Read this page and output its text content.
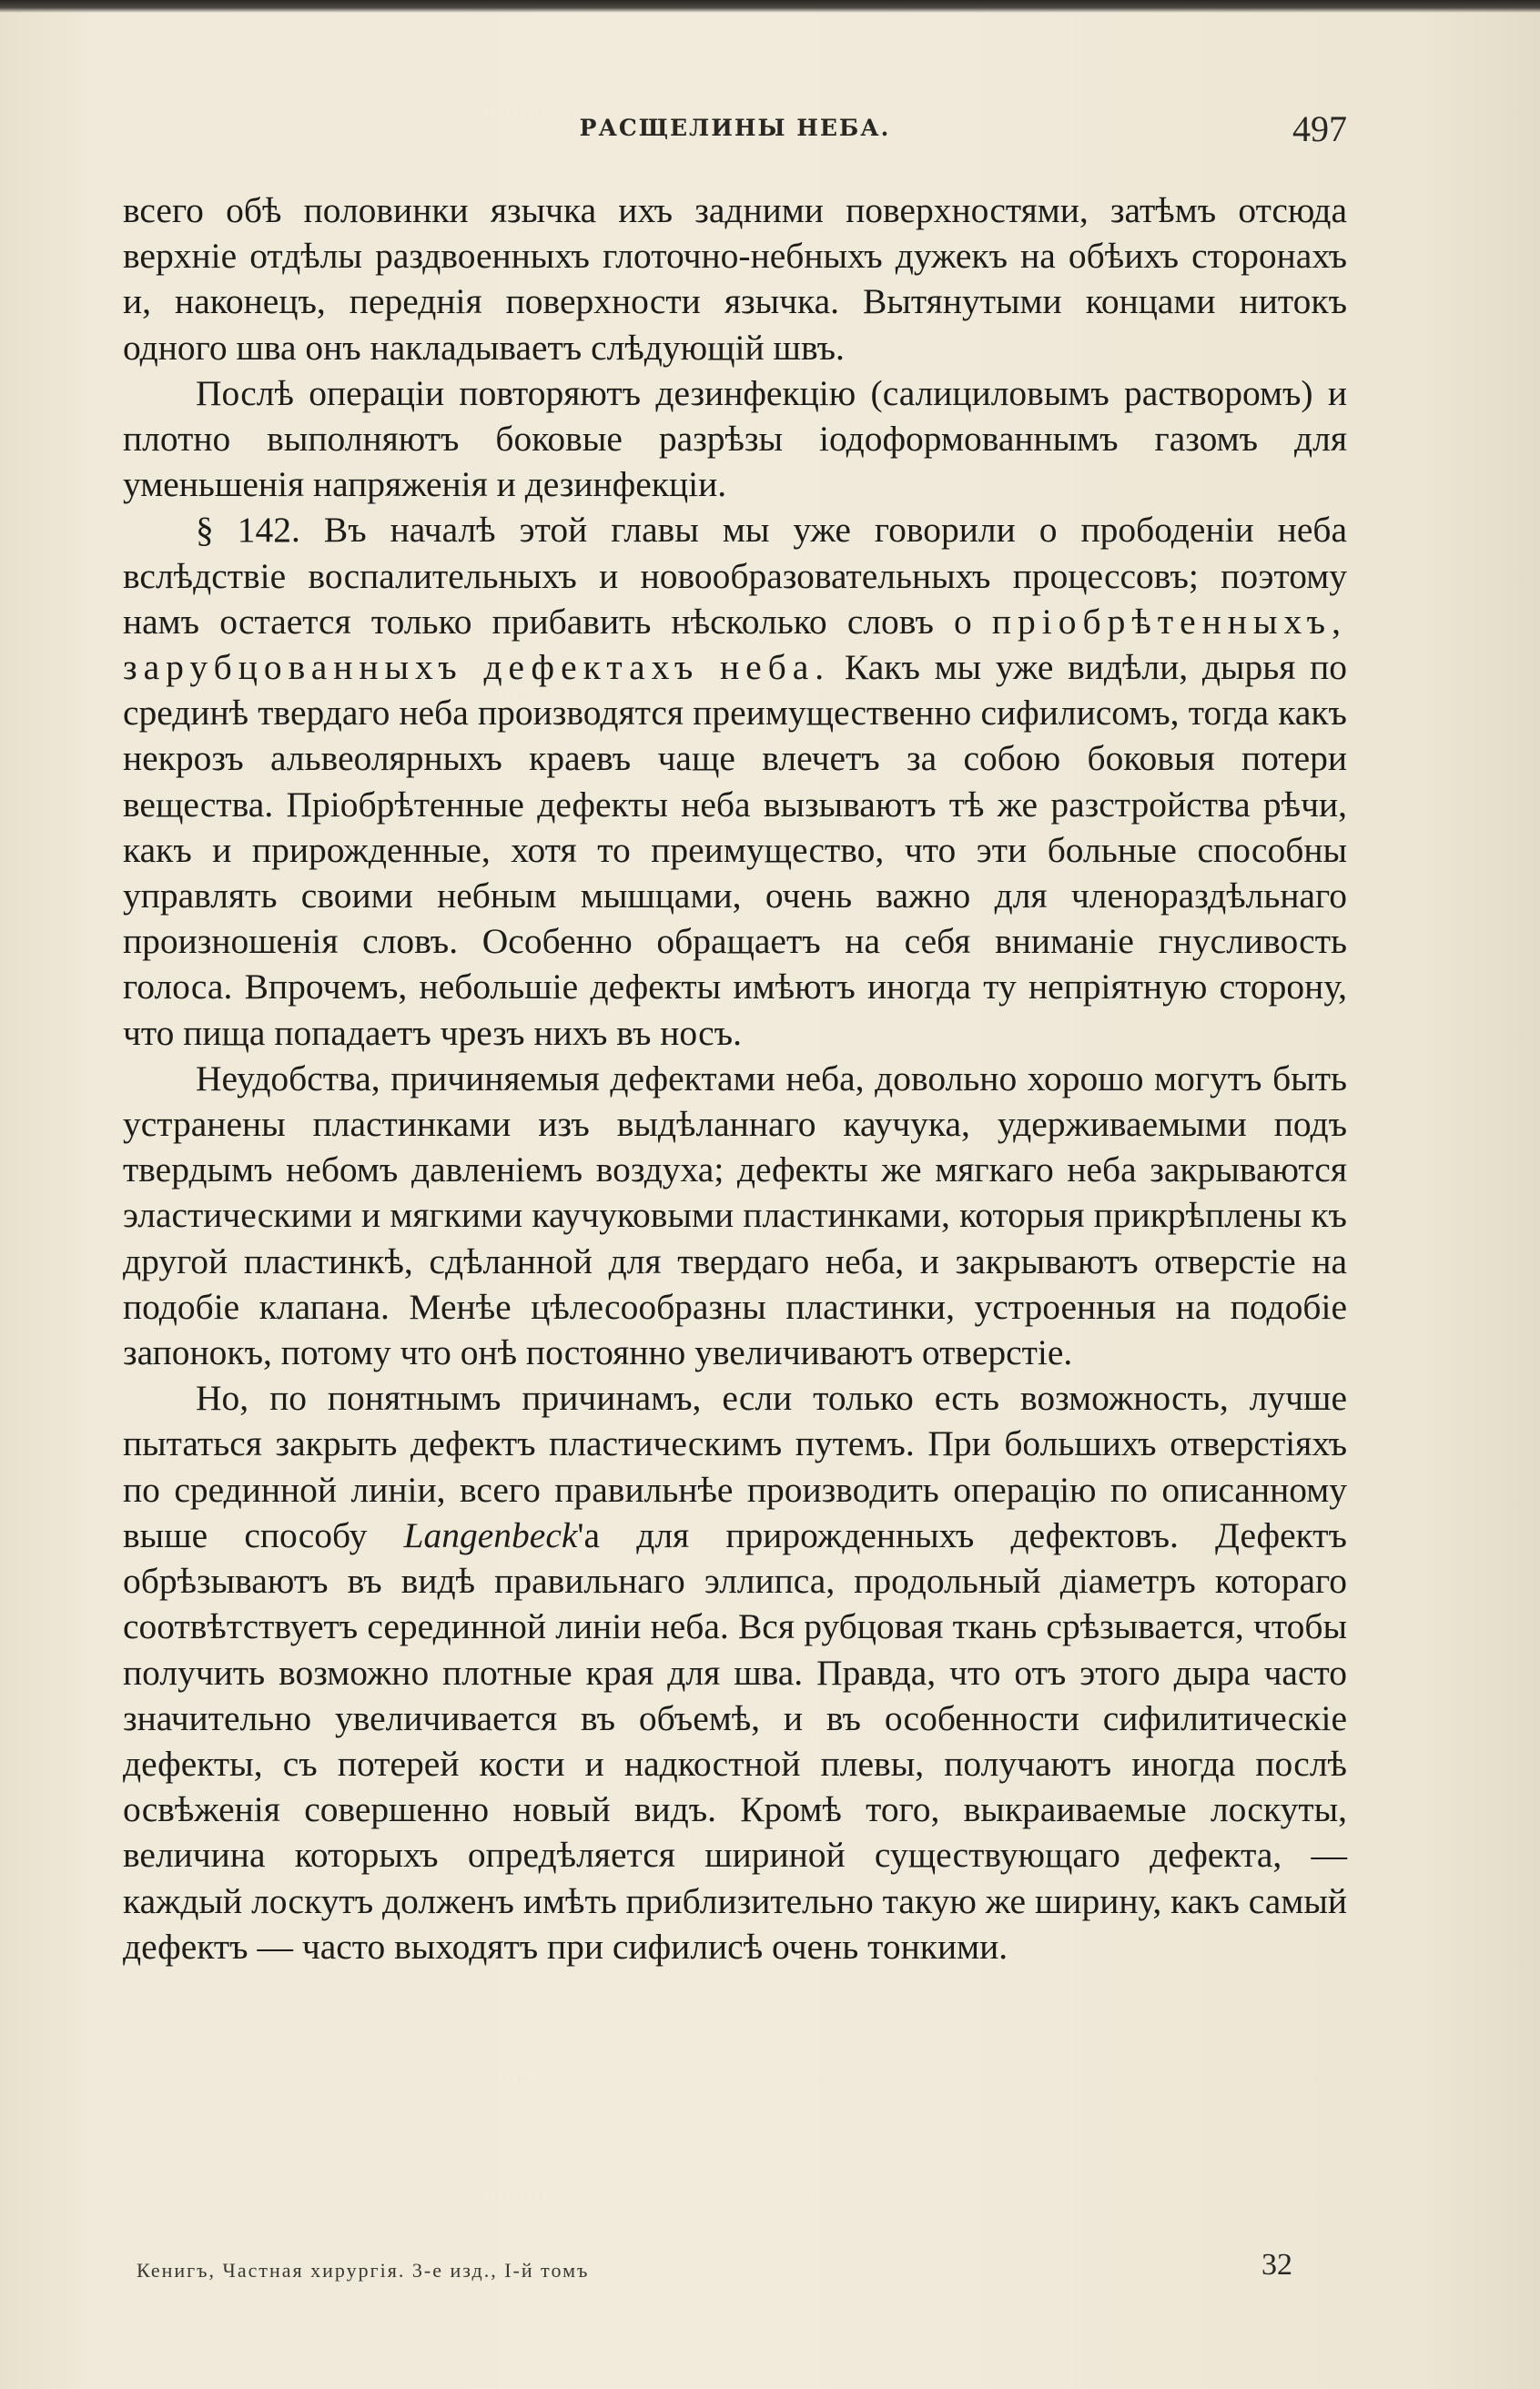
РАСЩЕЛИНЫ НЕБА.	497

всего обѣ половинки язычка ихъ задними поверхностями, затѣмъ отсюда верхніе отдѣлы раздвоенныхъ глоточно-небныхъ дужекъ на обѣихъ сторонахъ и, наконецъ, переднія поверхности язычка. Вытянутыми концами нитокъ одного шва онъ накладываетъ слѣдующій швъ.

Послѣ операціи повторяютъ дезинфекцію (салициловымъ растворомъ) и плотно выполняютъ боковые разрѣзы іодоформованнымъ газомъ для уменьшенія напряженія и дезинфекціи.

§ 142. Въ началѣ этой главы мы уже говорили о прободеніи неба вслѣдствіе воспалительныхъ и новообразовательныхъ процессовъ; поэтому намъ остается только прибавить нѣсколько словъ о пріобрѣтенныхъ, зарубцованныхъ дефектахъ неба. Какъ мы уже видѣли, дырья по срединѣ твердаго неба производятся преимущественно сифилисомъ, тогда какъ некрозъ альвеолярныхъ краевъ чаще влечетъ за собою боковыя потери вещества. Пріобрѣтенные дефекты неба вызываютъ тѣ же разстройства рѣчи, какъ и прирожденные, хотя то преимущество, что эти больные способны управлять своими небным мышцами, очень важно для членораздѣльнаго произношенія словъ. Особенно обращаетъ на себя вниманіе гнусливость голоса. Впрочемъ, небольшіе дефекты имѣютъ иногда ту непріятную сторону, что пища попадаетъ чрезъ нихъ въ носъ.

Неудобства, причиняемыя дефектами неба, довольно хорошо могутъ быть устранены пластинками изъ выдѣланнаго каучука, удерживаемыми подъ твердымъ небомъ давленіемъ воздуха; дефекты же мягкаго неба закрываются эластическими и мягкими каучуковыми пластинками, которыя прикрѣплены къ другой пластинкѣ, сдѣланной для твердаго неба, и закрываютъ отверстіе на подобіе клапана. Менѣе цѣлесообразны пластинки, устроенныя на подобіе запонокъ, потому что онѣ постоянно увеличиваютъ отверстіе.

Но, по понятнымъ причинамъ, если только есть возможность, лучше пытаться закрыть дефектъ пластическимъ путемъ. При большихъ отверстіяхъ по срединной линіи, всего правильнѣе производить операцію по описанному выше способу Langenbeck'а для прирожденныхъ дефектовъ. Дефектъ обрѣзываютъ въ видѣ правильнаго эллипса, продольный діаметръ котораго соотвѣтствуетъ серединной линіи неба. Вся рубцовая ткань срѣзывается, чтобы получить возможно плотные края для шва. Правда, что отъ этого дыра часто значительно увеличивается въ объемѣ, и въ особенности сифилитическіе дефекты, съ потерей кости и надкостной плевы, получаютъ иногда послѣ освѣженія совершенно новый видъ. Кромѣ того, выкраиваемые лоскуты, величина которыхъ опредѣляется шириной существующаго дефекта, — каждый лоскутъ долженъ имѣть приблизительно такую же ширину, какъ самый дефектъ — часто выходятъ при сифилисѣ очень тонкими.

Кенигъ, Частная хирургія. 3-е изд., I-й томъ	32
